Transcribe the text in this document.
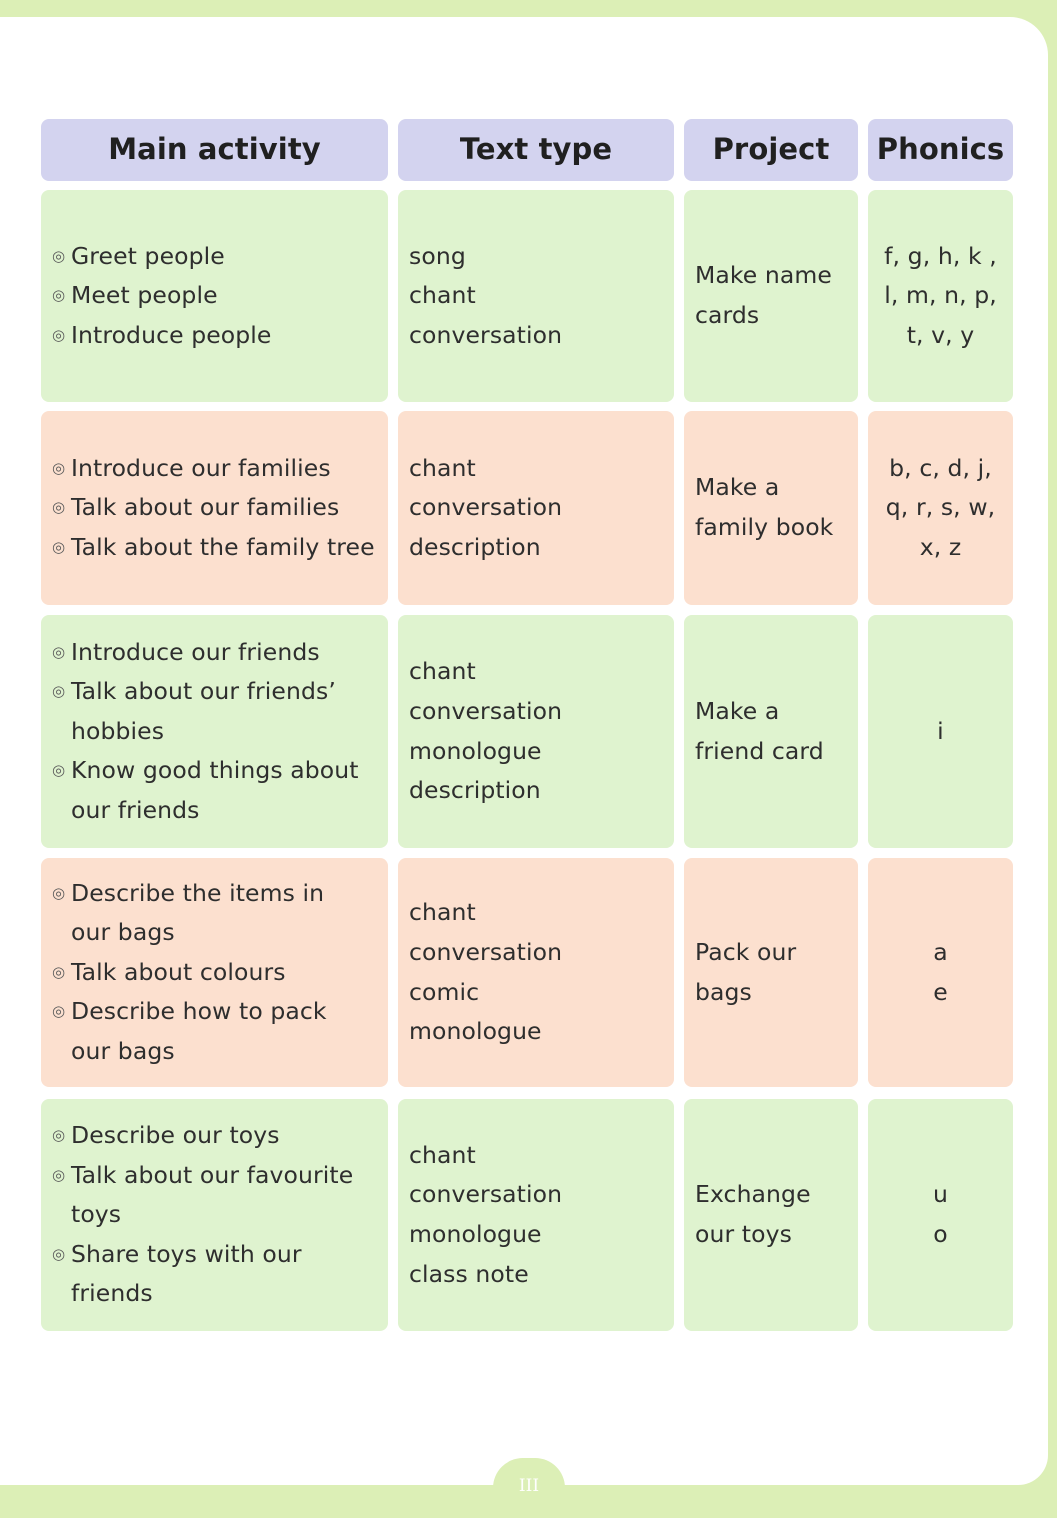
Main activity	Text type	Project Phonics
◎ Greet people
◎ Meet people
◎ Introduce people
song
chant
conversation
Make name cards
f, g, h, k ,
l, m, n, p,
t, v, y
◎ Introduce our families
◎ Talk about our families
◎ Talk about the family tree
chant
conversation
description
Make a family book
b, c, d, j,
q, r, s, w,
x, z
◎ Introduce our friends
◎ Talk about our friends’ hobbies
◎ Know good things about our friends
chant
conversation
monologue
description
Make a friend card
i
◎ Describe the items in our bags
◎ Talk about colours
◎ Describe how to pack our bags
chant
conversation
comic
monologue
Pack our bags
a
e
◎ Describe our toys
◎ Talk about our favourite toys
◎ Share toys with our friends
chant
conversation
monologue
class note
Exchange our toys
u
o
III
